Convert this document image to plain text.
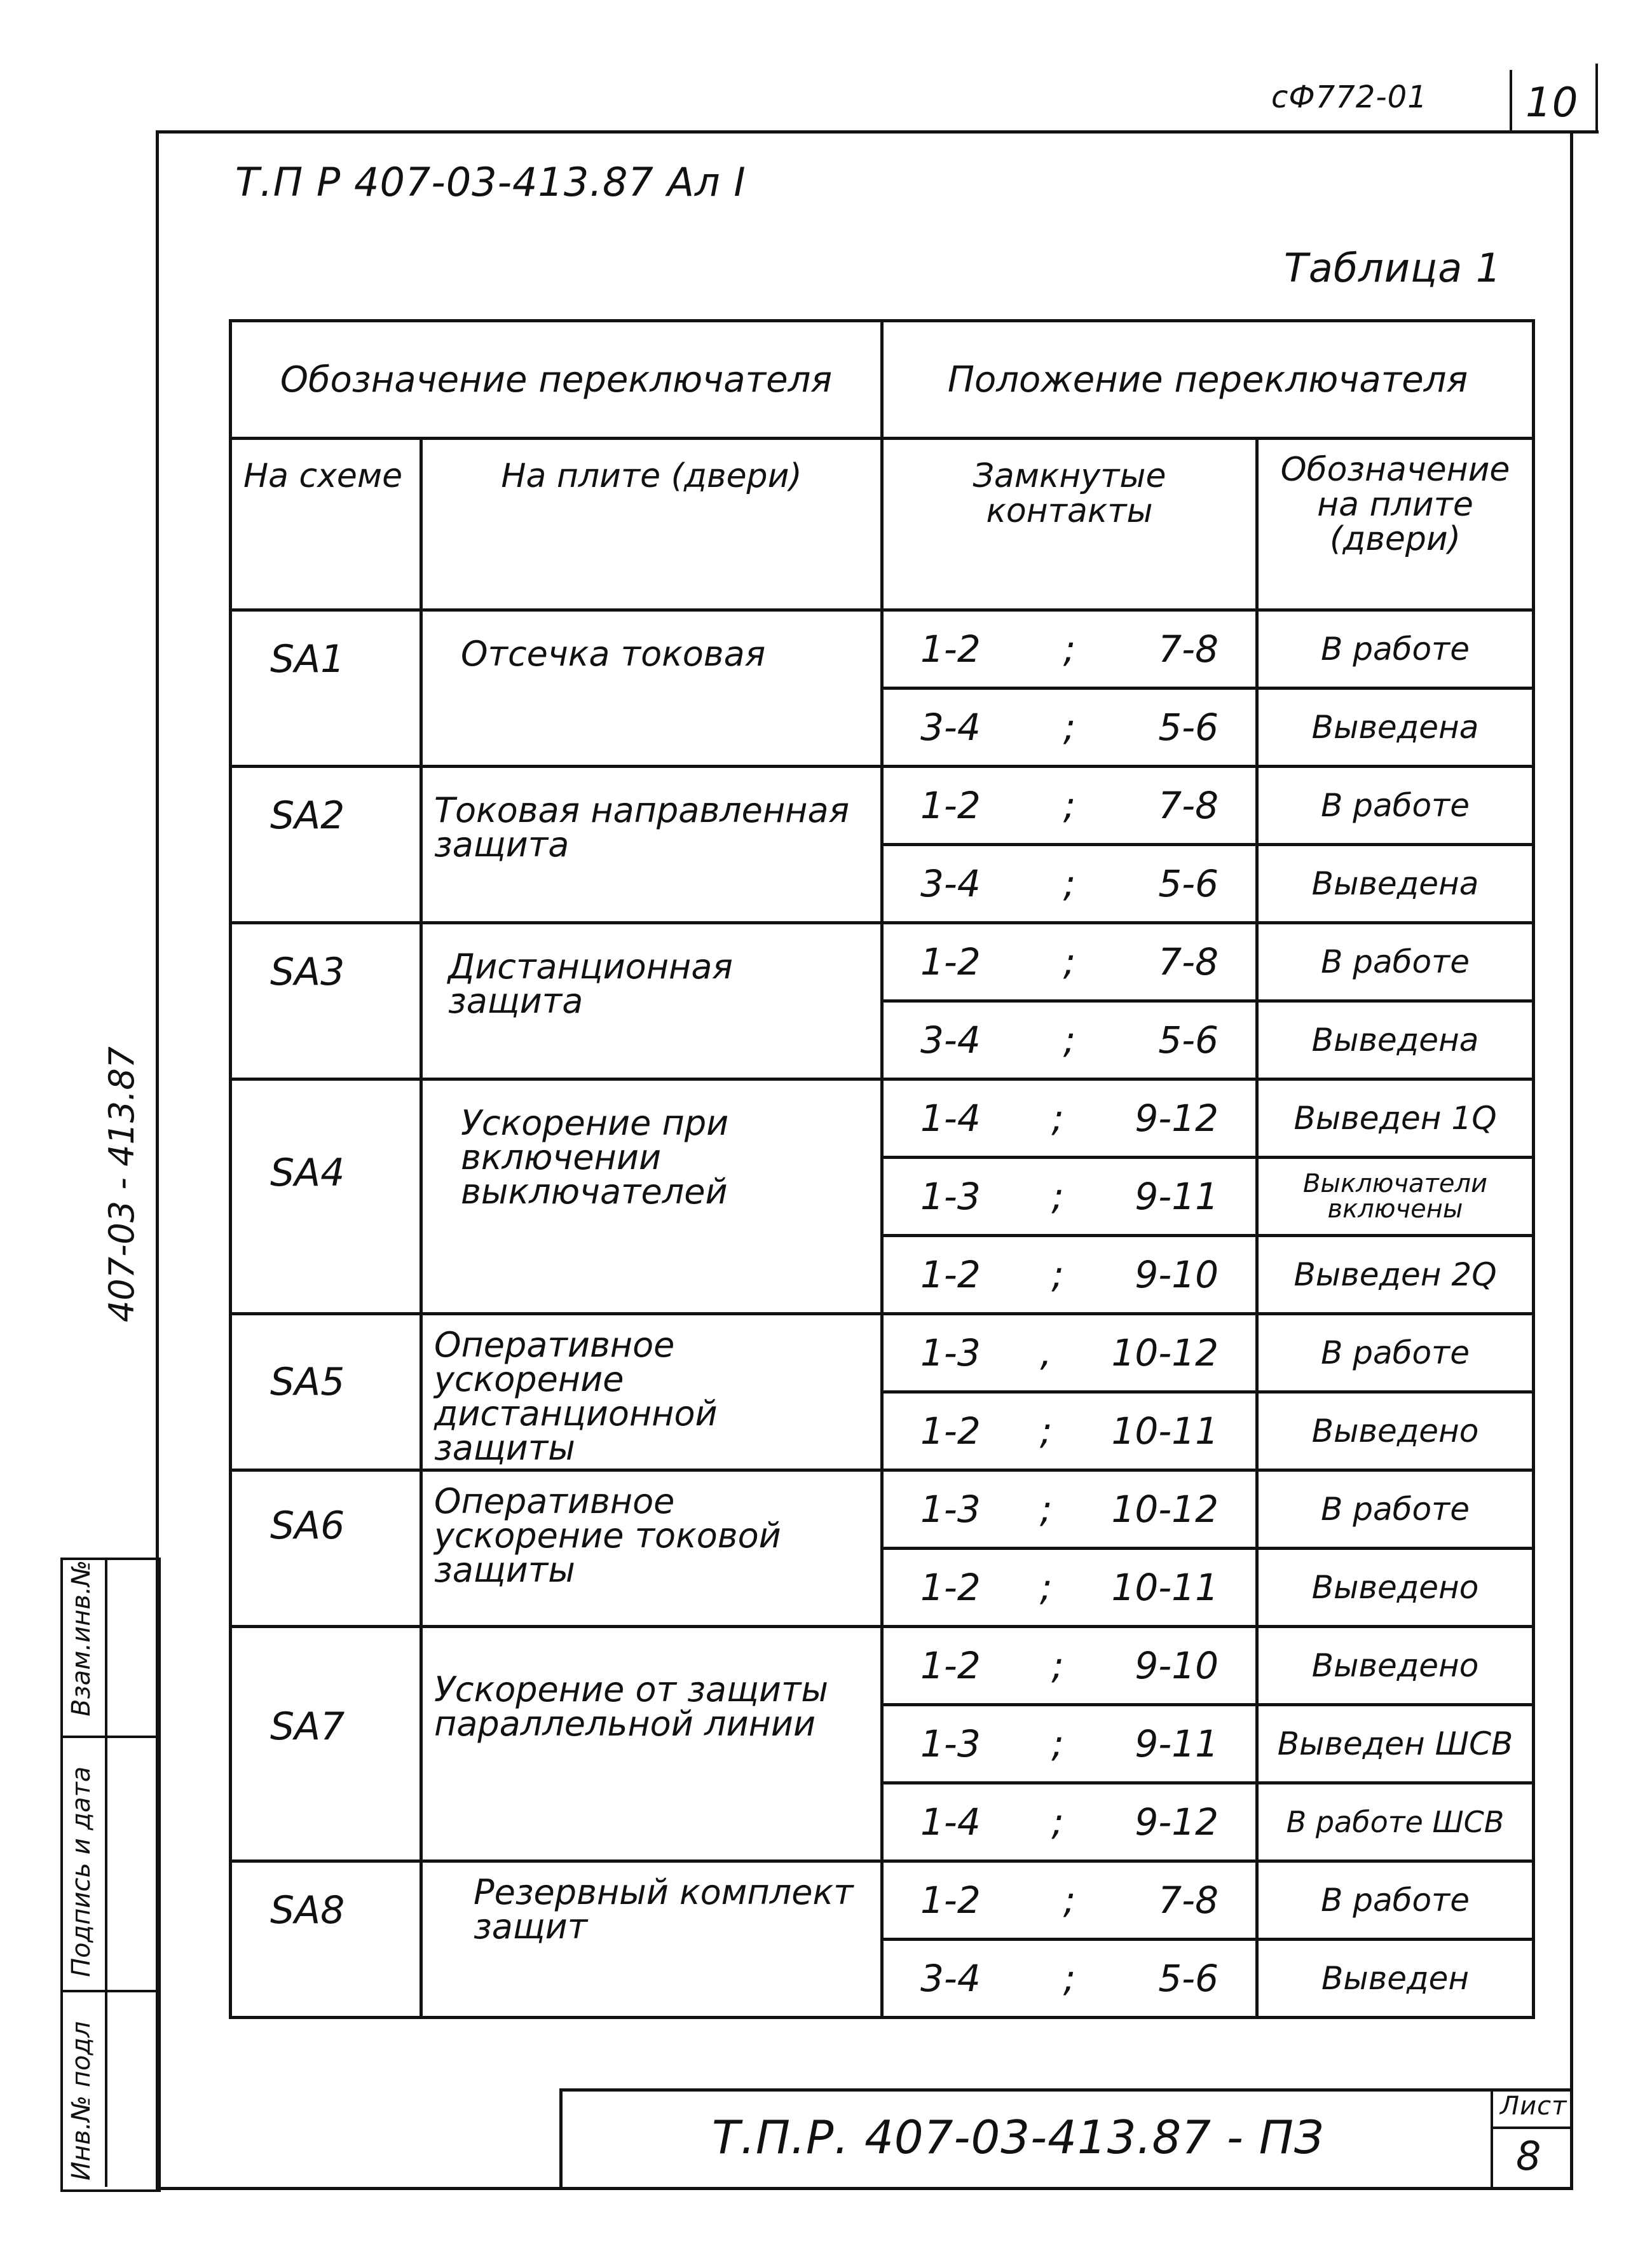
сФ772-01 10
Т.П Р 407-03-413.87 Ал I
Таблица 1
Обозначение переключателя		Положение переключателя	
На схеме	На плите (двери)	Замкнутые контакты	Обозначение на плите (двери)
SA1	Отсечка токовая	1-2 ; 7-8	В работе

		3-4 ; 5-6	Выведена
SA2	Токовая направленная защита	1-2 ; 7-8	В работе

		3-4 ; 5-6	Выведена
SA3	Дистанционная защита	1-2 ; 7-8	В работе

		3-4 ; 5-6	Выведена
SA4	Ускорение при включении выключателей	1-4 ; 9-12	Выведен 1Q

		1-3 ; 9-11	Выключатели включены

		1-2 ; 9-10	Выведен 2Q
SA5	Оперативное ускорение дистанционной защиты	1-3 , 10-12	В работе

		1-2 ; 10-11	Выведено
SA6	Оперативное ускорение токовой защиты	1-3 ; 10-12	В работе

		1-2 ; 10-11	Выведено
SA7	Ускорение от защиты параллельной линии	1-2 ; 9-10	Выведено

		1-3 ; 9-11	Выведен ШСВ

		1-4 ; 9-12	В работе ШСВ
SA8	Резервный комплект защит	1-2 ; 7-8	В работе

		3-4 ; 5-6	Выведен
407-03 - 413.87
Взам.инв.№
Подпись и дата
Инв.№ подл	Т.П.Р. 407-03-413.87 - ПЗ
Лист
8
